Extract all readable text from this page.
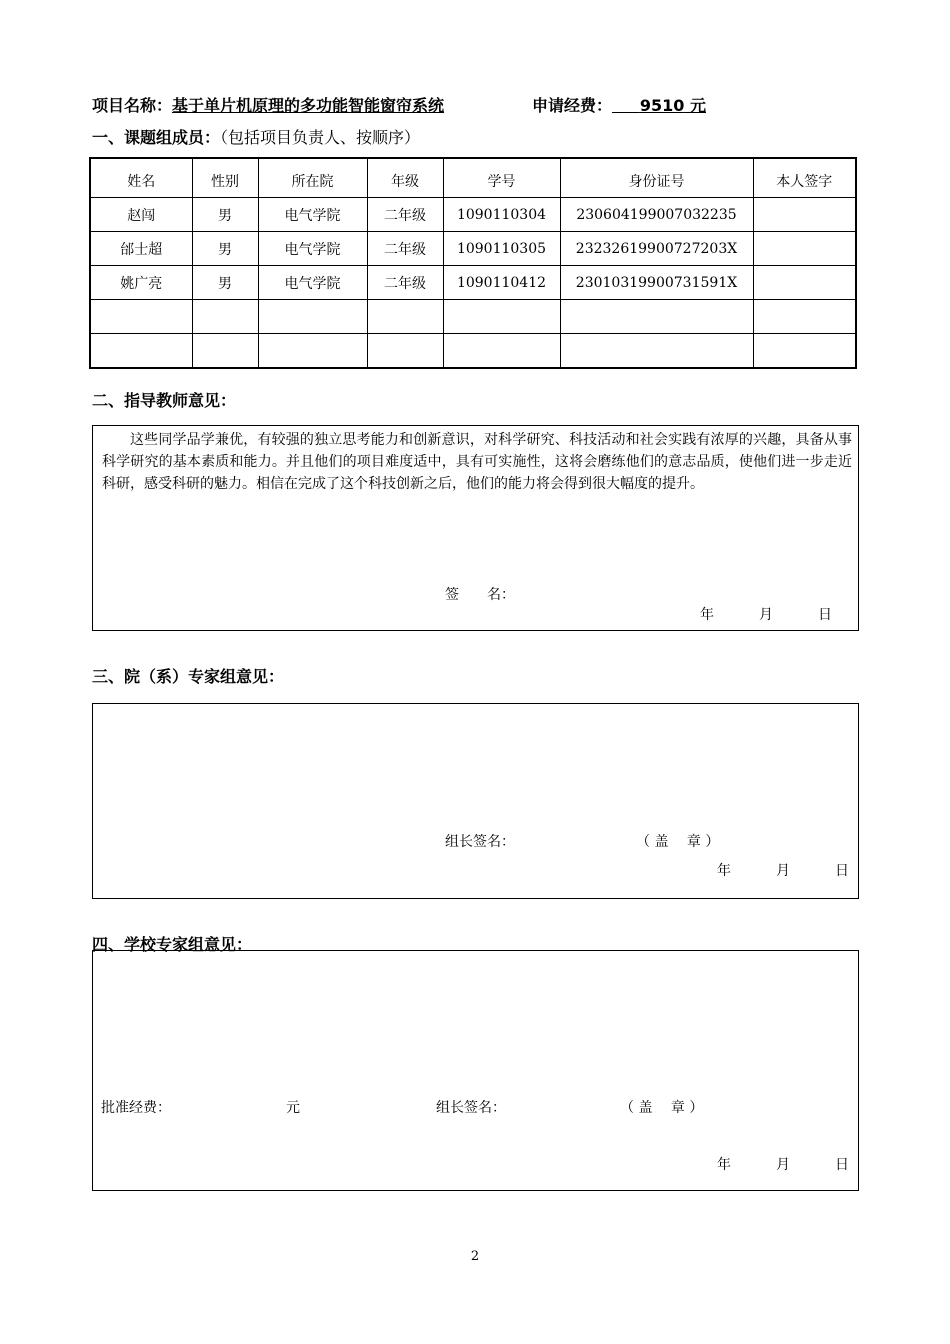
项目名称：基于单片机原理的多功能智能窗帘系统	申请经费： 9510 元
一、课题组成员：（包括项目负责人、按顺序）
姓名	性别	所在院	年级	学号	身份证号	本人签字
赵闯	男	电气学院	二年级	1090110304	230604199007032235	
邰士超	男	电气学院	二年级	1090110305	23232619900727203X	
姚广亮	男	电气学院	二年级	1090110412	23010319900731591X	

二、指导教师意见：
这些同学品学兼优，有较强的独立思考能力和创新意识，对科学研究、科技活动和社会实践有浓厚的兴趣，具备从事科学研究的基本素质和能力。并且他们的项目难度适中，具有可实施性，这将会磨练他们的意志品质，使他们进一步走近科研，感受科研的魅力。相信在完成了这个科技创新之后，他们的能力将会得到很大幅度的提升。
签　　名：
年	月	日
三、院（系）专家组意见：
组长签名：	（ 盖　 章 ）
年	月	日
四、学校专家组意见：
批准经费：	元	组长签名：	（ 盖　 章 ）
年	月	日
2
